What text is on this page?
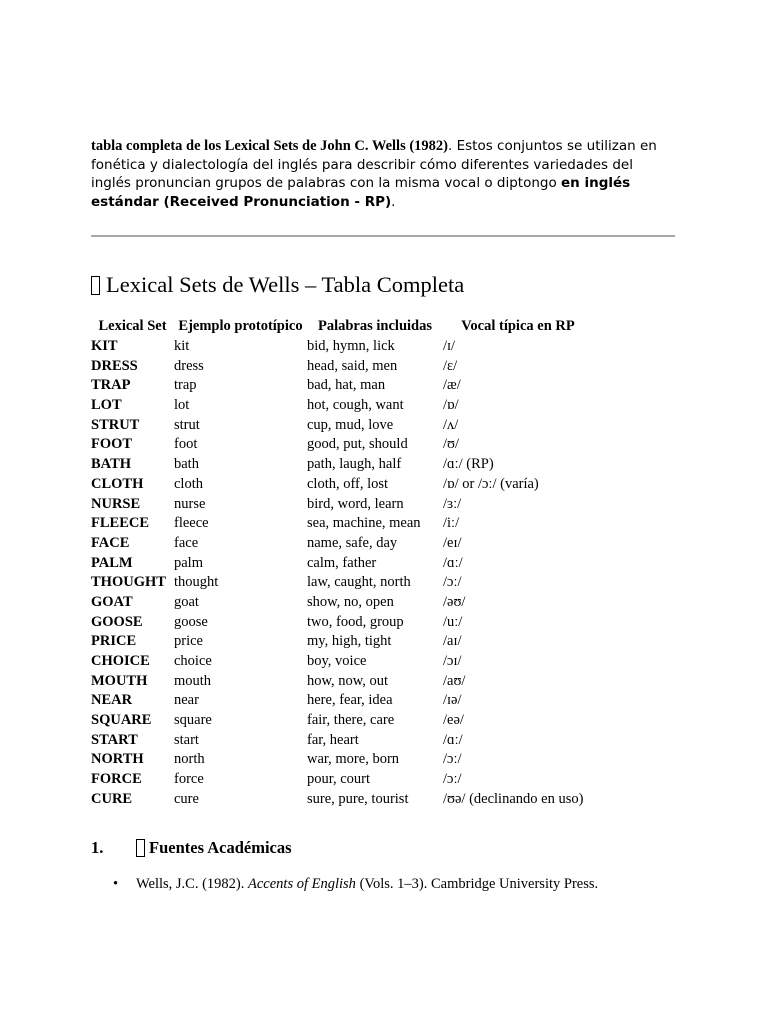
tabla completa de los Lexical Sets de John C. Wells (1982). Estos conjuntos se utilizan en fonética y dialectología del inglés para describir cómo diferentes variedades del inglés pronuncian grupos de palabras con la misma vocal o diptongo en inglés estándar (Received Pronunciation - RP).

Lexical Sets de Wells – Tabla Completa
Lexical Set	Ejemplo prototípico	Palabras incluidas	Vocal típica en RP
KIT	kit	bid, hymn, lick	/ɪ/
DRESS	dress	head, said, men	/ɛ/
TRAP	trap	bad, hat, man	/æ/
LOT	lot	hot, cough, want	/ɒ/
STRUT	strut	cup, mud, love	/ʌ/
FOOT	foot	good, put, should	/ʊ/
BATH	bath	path, laugh, half	/ɑː/ (RP)
CLOTH	cloth	cloth, off, lost	/ɒ/ or /ɔː/ (varía)
NURSE	nurse	bird, word, learn	/ɜː/
FLEECE	fleece	sea, machine, mean	/iː/
FACE	face	name, safe, day	/eɪ/
PALM	palm	calm, father	/ɑː/
THOUGHT	thought	law, caught, north	/ɔː/
GOAT	goat	show, no, open	/əʊ/
GOOSE	goose	two, food, group	/uː/
PRICE	price	my, high, tight	/aɪ/
CHOICE	choice	boy, voice	/ɔɪ/
MOUTH	mouth	how, now, out	/aʊ/
NEAR	near	here, fear, idea	/ɪə/
SQUARE	square	fair, there, care	/eə/
START	start	far, heart	/ɑː/
NORTH	north	war, more, born	/ɔː/
FORCE	force	pour, court	/ɔː/
CURE	cure	sure, pure, tourist	/ʊə/ (declinando en uso)
1.	Fuentes Académicas
• Wells, J.C. (1982). Accents of English (Vols. 1–3). Cambridge University Press.
